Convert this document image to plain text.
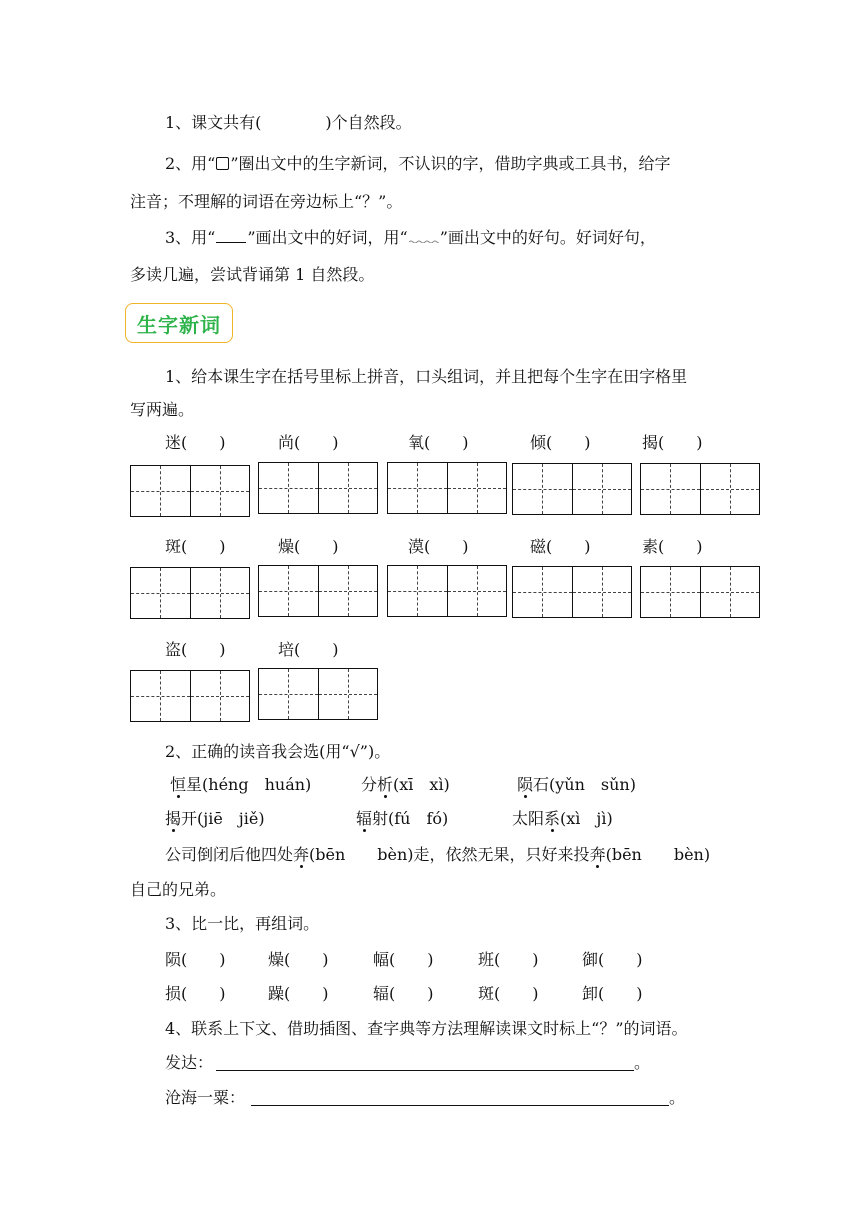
1、课文共有(　　　　)个自然段。
2、用“ ”圈出文中的生字新词，不认识的字，借助字典或工具书，给字
注音；不理解的词语在旁边标上“？”。
3、用“ ”画出文中的好词，用“ ”画出文中的好句。好词好句，
多读几遍，尝试背诵第 1 自然段。
生字新词
1、给本课生字在括号里标上拼音，口头组词，并且把每个生字在田字格里
写两遍。
迷(　　)	尚(　　)	氧(　　)	倾(　　)	揭(　　)
斑(　　)	燥(　　)	漠(　　)	磁(　　)	素(　　)
盗(　　)	培(　　)
2、正确的读音我会选(用“√”)。
恒星(héng　huán)	分析(xī　xì)	陨石(yǔn　sǔn)
揭开(jiē　jiě)	辐射(fú　fó)	太阳系(xì　jì)
公司倒闭后他四处奔(bēn　　bèn)走，依然无果，只好来投奔(bēn　　bèn)
自己的兄弟。
3、比一比，再组词。
陨(　　)	燥(　　)	幅(　　)	班(　　)	御(　　)
损(　　)	躁(　　)	辐(　　)	斑(　　)	卸(　　)
4、联系上下文、借助插图、查字典等方法理解读课文时标上“？”的词语。
发达：	。
沧海一粟：	。
